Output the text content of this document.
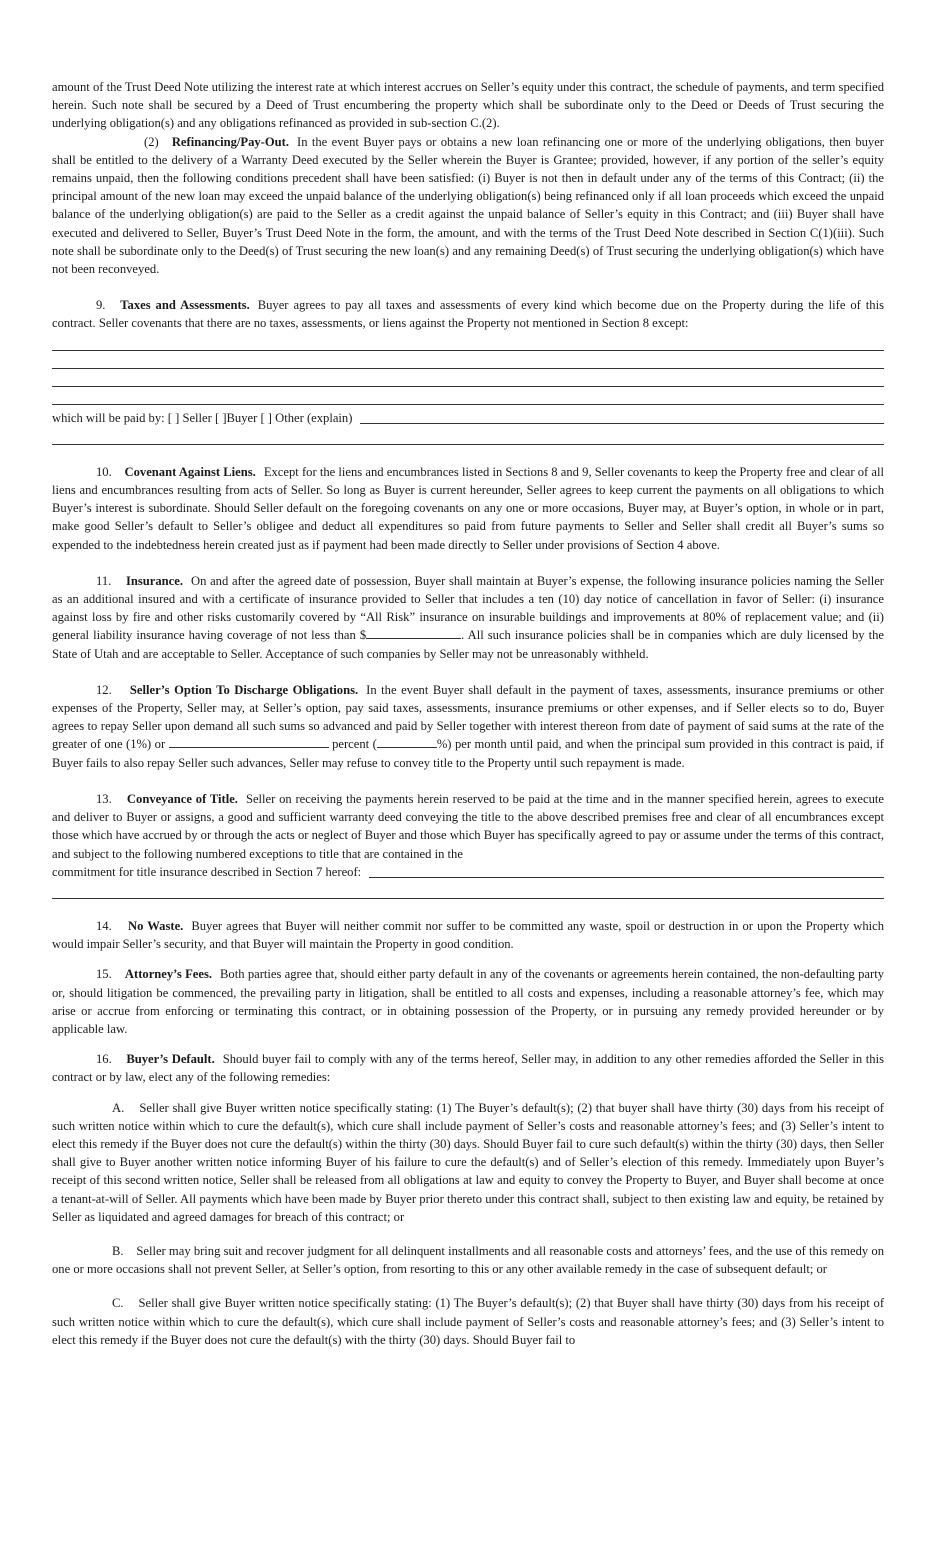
amount of the Trust Deed Note utilizing the interest rate at which interest accrues on Seller’s equity under this contract, the schedule of payments, and term specified herein. Such note shall be secured by a Deed of Trust encumbering the property which shall be subordinate only to the Deed or Deeds of Trust securing the underlying obligation(s) and any obligations refinanced as provided in sub-section C.(2).

(2) Refinancing/Pay-Out. In the event Buyer pays or obtains a new loan refinancing one or more of the underlying obligations, then buyer shall be entitled to the delivery of a Warranty Deed executed by the Seller wherein the Buyer is Grantee; provided, however, if any portion of the seller’s equity remains unpaid, then the following conditions precedent shall have been satisfied: (i) Buyer is not then in default under any of the terms of this Contract; (ii) the principal amount of the new loan may exceed the unpaid balance of the underlying obligation(s) being refinanced only if all loan proceeds which exceed the unpaid balance of the underlying obligation(s) are paid to the Seller as a credit against the unpaid balance of Seller’s equity in this Contract; and (iii) Buyer shall have executed and delivered to Seller, Buyer’s Trust Deed Note in the form, the amount, and with the terms of the Trust Deed Note described in Section C(1)(iii). Such note shall be subordinate only to the Deed(s) of Trust securing the new loan(s) and any remaining Deed(s) of Trust securing the underlying obligation(s) which have not been reconveyed.

9. Taxes and Assessments. Buyer agrees to pay all taxes and assessments of every kind which become due on the Property during the life of this contract. Seller covenants that there are no taxes, assessments, or liens against the Property not mentioned in Section 8 except:

which will be paid by: [ ] Seller [ ]Buyer [ ] Other (explain)

10. Covenant Against Liens. Except for the liens and encumbrances listed in Sections 8 and 9, Seller covenants to keep the Property free and clear of all liens and encumbrances resulting from acts of Seller. So long as Buyer is current hereunder, Seller agrees to keep current the payments on all obligations to which Buyer’s interest is subordinate. Should Seller default on the foregoing covenants on any one or more occasions, Buyer may, at Buyer’s option, in whole or in part, make good Seller’s default to Seller’s obligee and deduct all expenditures so paid from future payments to Seller and Seller shall credit all Buyer’s sums so expended to the indebtedness herein created just as if payment had been made directly to Seller under provisions of Section 4 above.

11. Insurance. On and after the agreed date of possession, Buyer shall maintain at Buyer’s expense, the following insurance policies naming the Seller as an additional insured and with a certificate of insurance provided to Seller that includes a ten (10) day notice of cancellation in favor of Seller: (i) insurance against loss by fire and other risks customarily covered by “All Risk” insurance on insurable buildings and improvements at 80% of replacement value; and (ii) general liability insurance having coverage of not less than $	. All such insurance policies shall be in companies which are duly licensed by the State of Utah and are acceptable to Seller. Acceptance of such companies by Seller may not be unreasonably withheld.

12. Seller’s Option To Discharge Obligations. In the event Buyer shall default in the payment of taxes, assessments, insurance premiums or other expenses of the Property, Seller may, at Seller’s option, pay said taxes, assessments, insurance premiums or other expenses, and if Seller elects so to do, Buyer agrees to repay Seller upon demand all such sums so advanced and paid by Seller together with interest thereon from date of payment of said sums at the rate of the greater of one (1%) or	percent (	%) per month until paid, and when the principal sum provided in this contract is paid, if Buyer fails to also repay Seller such advances, Seller may refuse to convey title to the Property until such repayment is made.

13. Conveyance of Title. Seller on receiving the payments herein reserved to be paid at the time and in the manner specified herein, agrees to execute and deliver to Buyer or assigns, a good and sufficient warranty deed conveying the title to the above described premises free and clear of all encumbrances except those which have accrued by or through the acts or neglect of Buyer and those which Buyer has specifically agreed to pay or assume under the terms of this contract, and subject to the following numbered exceptions to title that are contained in the

commitment for title insurance described in Section 7 hereof:

14. No Waste. Buyer agrees that Buyer will neither commit nor suffer to be committed any waste, spoil or destruction in or upon the Property which would impair Seller’s security, and that Buyer will maintain the Property in good condition.

15. Attorney’s Fees. Both parties agree that, should either party default in any of the covenants or agreements herein contained, the non-defaulting party or, should litigation be commenced, the prevailing party in litigation, shall be entitled to all costs and expenses, including a reasonable attorney’s fee, which may arise or accrue from enforcing or terminating this contract, or in obtaining possession of the Property, or in pursuing any remedy provided hereunder or by applicable law.

16. Buyer’s Default. Should buyer fail to comply with any of the terms hereof, Seller may, in addition to any other remedies afforded the Seller in this contract or by law, elect any of the following remedies:

A. Seller shall give Buyer written notice specifically stating: (1) The Buyer’s default(s); (2) that buyer shall have thirty (30) days from his receipt of such written notice within which to cure the default(s), which cure shall include payment of Seller’s costs and reasonable attorney’s fees; and (3) Seller’s intent to elect this remedy if the Buyer does not cure the default(s) within the thirty (30) days. Should Buyer fail to cure such default(s) within the thirty (30) days, then Seller shall give to Buyer another written notice informing Buyer of his failure to cure the default(s) and of Seller’s election of this remedy. Immediately upon Buyer’s receipt of this second written notice, Seller shall be released from all obligations at law and equity to convey the Property to Buyer, and Buyer shall become at once a tenant-at-will of Seller. All payments which have been made by Buyer prior thereto under this contract shall, subject to then existing law and equity, be retained by Seller as liquidated and agreed damages for breach of this contract; or

B. Seller may bring suit and recover judgment for all delinquent installments and all reasonable costs and attorneys’ fees, and the use of this remedy on one or more occasions shall not prevent Seller, at Seller’s option, from resorting to this or any other available remedy in the case of subsequent default; or

C. Seller shall give Buyer written notice specifically stating: (1) The Buyer’s default(s); (2) that Buyer shall have thirty (30) days from his receipt of such written notice within which to cure the default(s), which cure shall include payment of Seller’s costs and reasonable attorney’s fees; and (3) Seller’s intent to elect this remedy if the Buyer does not cure the default(s) with the thirty (30) days. Should Buyer fail to
